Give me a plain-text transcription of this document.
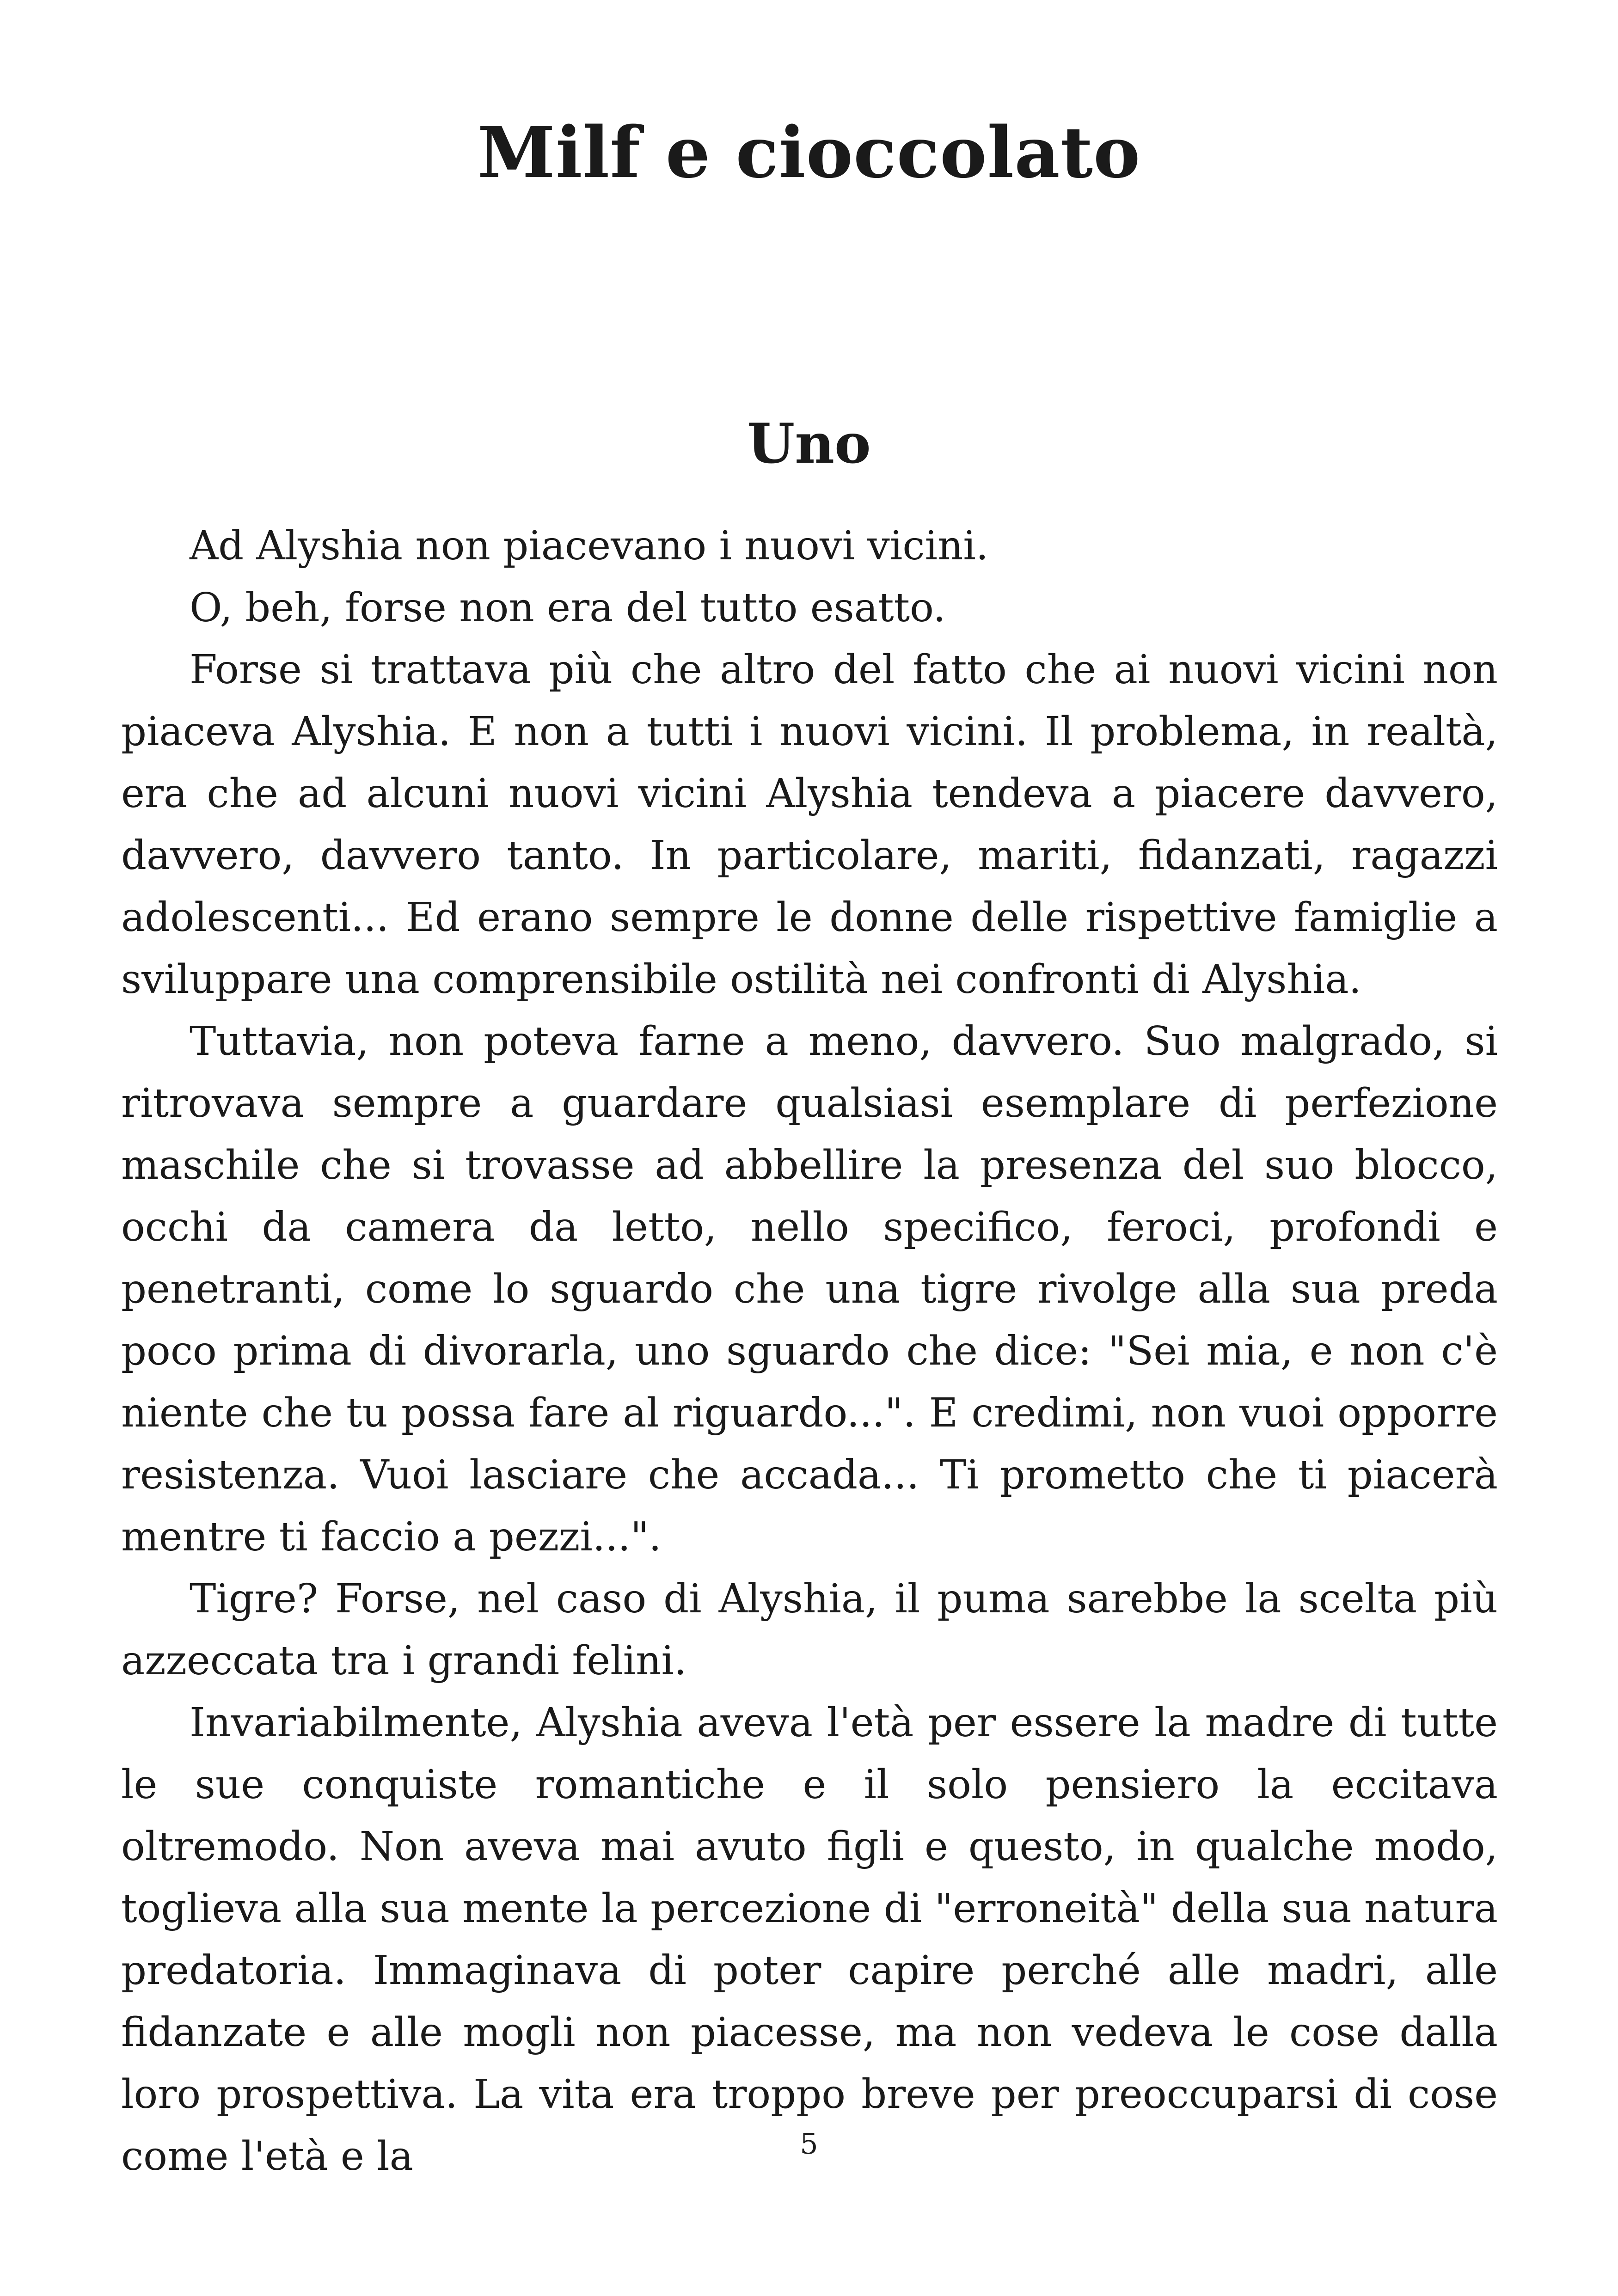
Milf e cioccolato
Uno

Ad Alyshia non piacevano i nuovi vicini.

O, beh, forse non era del tutto esatto.

Forse si trattava più che altro del fatto che ai nuovi vicini non piaceva Alyshia. E non a tutti i nuovi vicini. Il problema, in realtà, era che ad alcuni nuovi vicini Alyshia tendeva a piacere davvero, davvero, davvero tanto. In particolare, mariti, fidanzati, ragazzi adolescenti... Ed erano sempre le donne delle rispettive famiglie a sviluppare una comprensibile ostilità nei confronti di Alyshia.

Tuttavia, non poteva farne a meno, davvero. Suo malgrado, si ritrovava sempre a guardare qualsiasi esemplare di perfezione maschile che si trovasse ad abbellire la presenza del suo blocco, occhi da camera da letto, nello specifico, feroci, profondi e penetranti, come lo sguardo che una tigre rivolge alla sua preda poco prima di divorarla, uno sguardo che dice: "Sei mia, e non c'è niente che tu possa fare al riguardo...". E credimi, non vuoi opporre resistenza. Vuoi lasciare che accada... Ti prometto che ti piacerà mentre ti faccio a pezzi...".

Tigre? Forse, nel caso di Alyshia, il puma sarebbe la scelta più azzeccata tra i grandi felini.

Invariabilmente, Alyshia aveva l'età per essere la madre di tutte le sue conquiste romantiche e il solo pensiero la eccitava oltremodo. Non aveva mai avuto figli e questo, in qualche modo, toglieva alla sua mente la percezione di "erroneità" della sua natura predatoria. Immaginava di poter capire perché alle madri, alle fidanzate e alle mogli non piacesse, ma non vedeva le cose dalla loro prospettiva. La vita era troppo breve per preoccuparsi di cose come l'età e la	5
